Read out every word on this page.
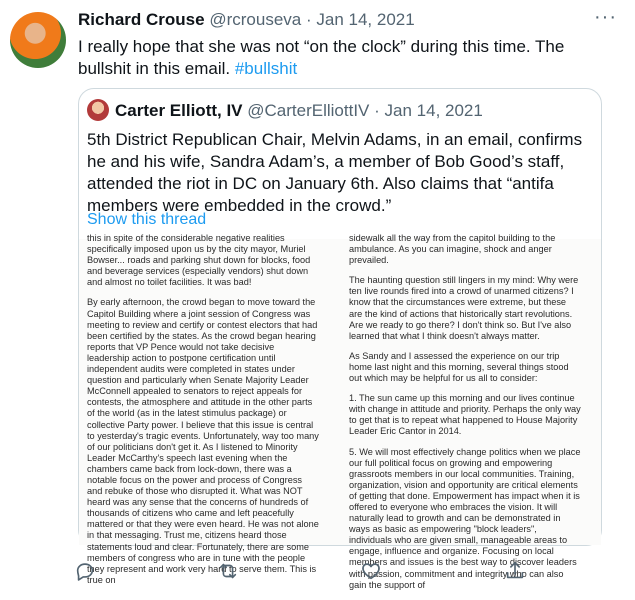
Richard Crouse @rcrouseva · Jan 14, 2021	···
I really hope that she was not “on the clock” during this time. The bullshit in this email. #bullshit
Carter Elliott, IV @CarterElliottIV · Jan 14, 2021
5th District Republican Chair, Melvin Adams, in an email, confirms he and his wife, Sandra Adam’s, a member of Bob Good’s staff, attended the riot in DC on January 6th. Also claims that “antifa members were embedded in the crowd.”
Show this thread

this in spite of the considerable negative realities specifically imposed upon us by the city mayor, Muriel Bowser... roads and parking shut down for blocks, food and beverage services (especially vendors) shut down and almost no toilet facilities. It was bad!

By early afternoon, the crowd began to move toward the Capitol Building where a joint session of Congress was meeting to review and certify or contest electors that had been certified by the states. As the crowd began hearing reports that VP Pence would not take decisive leadership action to postpone certification until independent audits were completed in states under question and particularly when Senate Majority Leader McConnell appealed to senators to reject appeals for contests, the atmosphere and attitude in the other parts of the world (as in the latest stimulus package) or collective Party power. I believe that this issue is central to yesterday's tragic events. Unfortunately, way too many of our politicians don't get it. As I listened to Minority Leader McCarthy's speech last evening when the chambers came back from lock-down, there was a notable focus on the power and process of Congress and rebuke of those who disrupted it. What was NOT heard was any sense that the concerns of hundreds of thousands of citizens who came and left peacefully mattered or that they were even heard. He was not alone in that messaging. Trust me, citizens heard those statements loud and clear. Fortunately, there are some members of congress who are in tune with the people they represent and work very hard to serve them. This is true on

sidewalk all the way from the capitol building to the ambulance. As you can imagine, shock and anger prevailed.

The haunting question still lingers in my mind: Why were ten live rounds fired into a crowd of unarmed citizens? I know that the circumstances were extreme, but these are the kind of actions that historically start revolutions. Are we ready to go there? I don't think so. But I've also learned that what I think doesn't always matter.

As Sandy and I assessed the experience on our trip home last night and this morning, several things stood out which may be helpful for us all to consider:

1. The sun came up this morning and our lives continue with change in attitude and priority. Perhaps the only way to get that is to repeat what happened to House Majority Leader Eric Cantor in 2014.

5. We will most effectively change politics when we place our full political focus on growing and empowering grassroots members in our local communities. Training, organization, vision and opportunity are critical elements of getting that done. Empowerment has impact when it is offered to everyone who embraces the vision. It will naturally lead to growth and can be demonstrated in ways as basic as empowering "block leaders", individuals who are given small, manageable areas to engage, influence and organize. Focusing on local members and issues is the best way to discover leaders with passion, commitment and integrity who can also gain the support of
